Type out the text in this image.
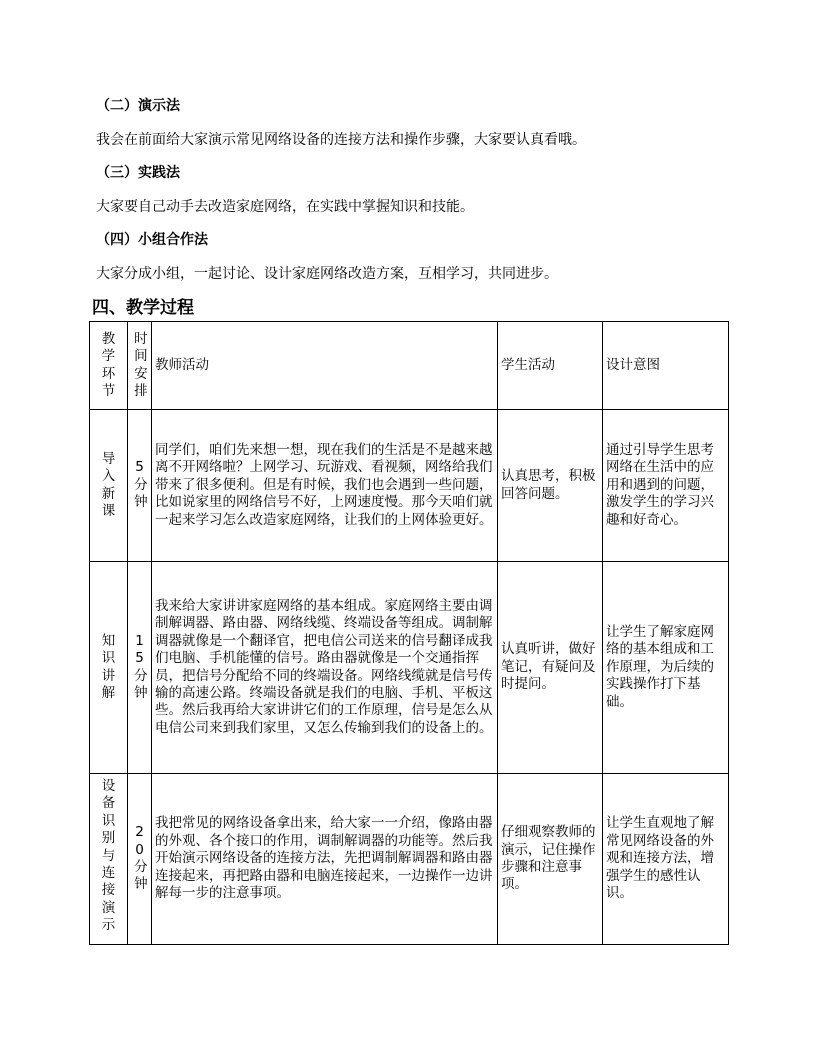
（二）演示法
我会在前面给大家演示常见网络设备的连接方法和操作步骤，大家要认真看哦。
（三）实践法
大家要自己动手去改造家庭网络，在实践中掌握知识和技能。
（四）小组合作法
大家分成小组，一起讨论、设计家庭网络改造方案，互相学习，共同进步。
四、教学过程
教学环节	时间安排	教师活动	学生活动	设计意图

导入新课	5分钟	同学们，咱们先来想一想，现在我们的生活是不是越来越离不开网络啦？上网学习、玩游戏、看视频，网络给我们带来了很多便利。但是有时候，我们也会遇到一些问题，比如说家里的网络信号不好，上网速度慢。那今天咱们就一起来学习怎么改造家庭网络，让我们的上网体验更好。	认真思考，积极回答问题。	通过引导学生思考网络在生活中的应用和遇到的问题，激发学生的学习兴趣和好奇心。

知识讲解	15分钟	我来给大家讲讲家庭网络的基本组成。家庭网络主要由调制解调器、路由器、网络线缆、终端设备等组成。调制解调器就像是一个翻译官，把电信公司送来的信号翻译成我们电脑、手机能懂的信号。路由器就像是一个交通指挥员，把信号分配给不同的终端设备。网络线缆就是信号传输的高速公路。终端设备就是我们的电脑、手机、平板这些。然后我再给大家讲讲它们的工作原理，信号是怎么从电信公司来到我们家里，又怎么传输到我们的设备上的。	认真听讲，做好笔记，有疑问及时提问。	让学生了解家庭网络的基本组成和工作原理，为后续的实践操作打下基础。

设备识别与连接演示	20分钟	我把常见的网络设备拿出来，给大家一一介绍，像路由器的外观、各个接口的作用，调制解调器的功能等。然后我开始演示网络设备的连接方法，先把调制解调器和路由器连接起来，再把路由器和电脑连接起来，一边操作一边讲解每一步的注意事项。	仔细观察教师的演示，记住操作步骤和注意事项。	让学生直观地了解常见网络设备的外观和连接方法，增强学生的感性认识。
